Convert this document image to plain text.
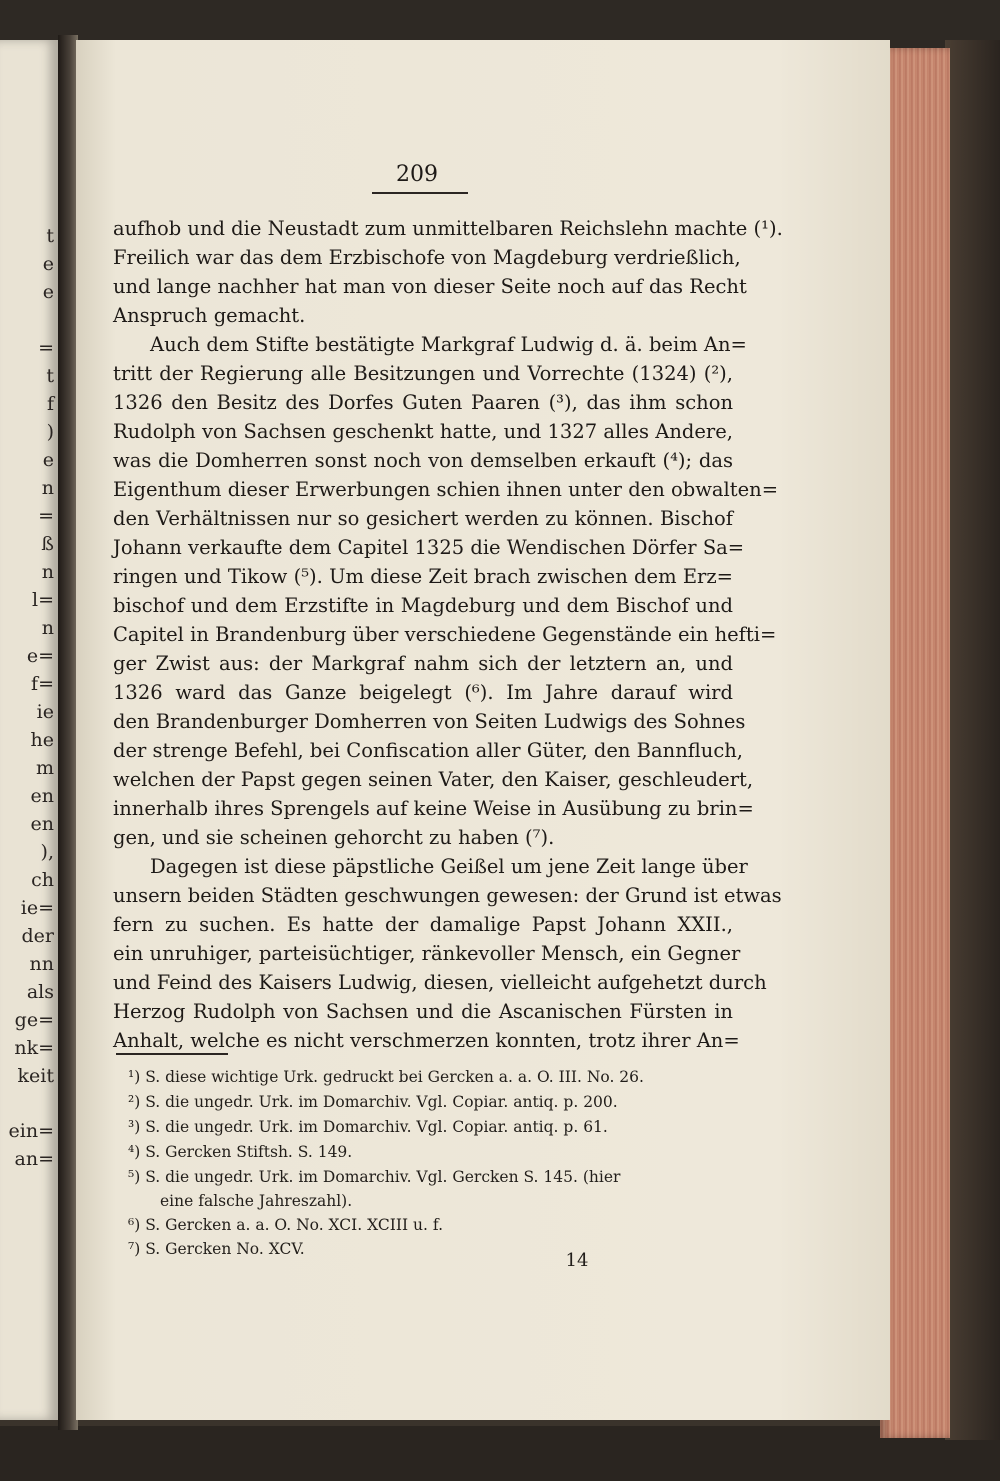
t
e
e
=
t
f
)
e
n
=
ß
n
l=
n
e=
f=
ie
he
m
en
en
),
ch
ie=
der
nn
als
ge=
nk=
keit
ein=
an=
209
aufhob und die Neustadt zum unmittelbaren Reichslehn machte (¹).
Freilich war das dem Erzbischofe von Magdeburg verdrießlich,
und lange nachher hat man von dieser Seite noch auf das Recht
Anspruch gemacht.
Auch dem Stifte bestätigte Markgraf Ludwig d. ä. beim An=
tritt der Regierung alle Besitzungen und Vorrechte (1324) (²),
1326 den Besitz des Dorfes Guten Paaren (³), das ihm schon
Rudolph von Sachsen geschenkt hatte, und 1327 alles Andere,
was die Domherren sonst noch von demselben erkauft (⁴); das
Eigenthum dieser Erwerbungen schien ihnen unter den obwalten=
den Verhältnissen nur so gesichert werden zu können. Bischof
Johann verkaufte dem Capitel 1325 die Wendischen Dörfer Sa=
ringen und Tikow (⁵). Um diese Zeit brach zwischen dem Erz=
bischof und dem Erzstifte in Magdeburg und dem Bischof und
Capitel in Brandenburg über verschiedene Gegenstände ein hefti=
ger Zwist aus: der Markgraf nahm sich der letztern an, und
1326 ward das Ganze beigelegt (⁶). Im Jahre darauf wird
den Brandenburger Domherren von Seiten Ludwigs des Sohnes
der strenge Befehl, bei Confiscation aller Güter, den Bannfluch,
welchen der Papst gegen seinen Vater, den Kaiser, geschleudert,
innerhalb ihres Sprengels auf keine Weise in Ausübung zu brin=
gen, und sie scheinen gehorcht zu haben (⁷).
Dagegen ist diese päpstliche Geißel um jene Zeit lange über
unsern beiden Städten geschwungen gewesen: der Grund ist etwas
fern zu suchen. Es hatte der damalige Papst Johann XXII.,
ein unruhiger, parteisüchtiger, ränkevoller Mensch, ein Gegner
und Feind des Kaisers Ludwig, diesen, vielleicht aufgehetzt durch
Herzog Rudolph von Sachsen und die Ascanischen Fürsten in
Anhalt, welche es nicht verschmerzen konnten, trotz ihrer An=
¹) S. diese wichtige Urk. gedruckt bei Gercken a. a. O. III. No. 26.
²) S. die ungedr. Urk. im Domarchiv. Vgl. Copiar. antiq. p. 200.
³) S. die ungedr. Urk. im Domarchiv. Vgl. Copiar. antiq. p. 61.
⁴) S. Gercken Stiftsh. S. 149.
⁵) S. die ungedr. Urk. im Domarchiv. Vgl. Gercken S. 145. (hier
eine falsche Jahreszahl).
⁶) S. Gercken a. a. O. No. XCI. XCIII u. f.
⁷) S. Gercken No. XCV.
14
